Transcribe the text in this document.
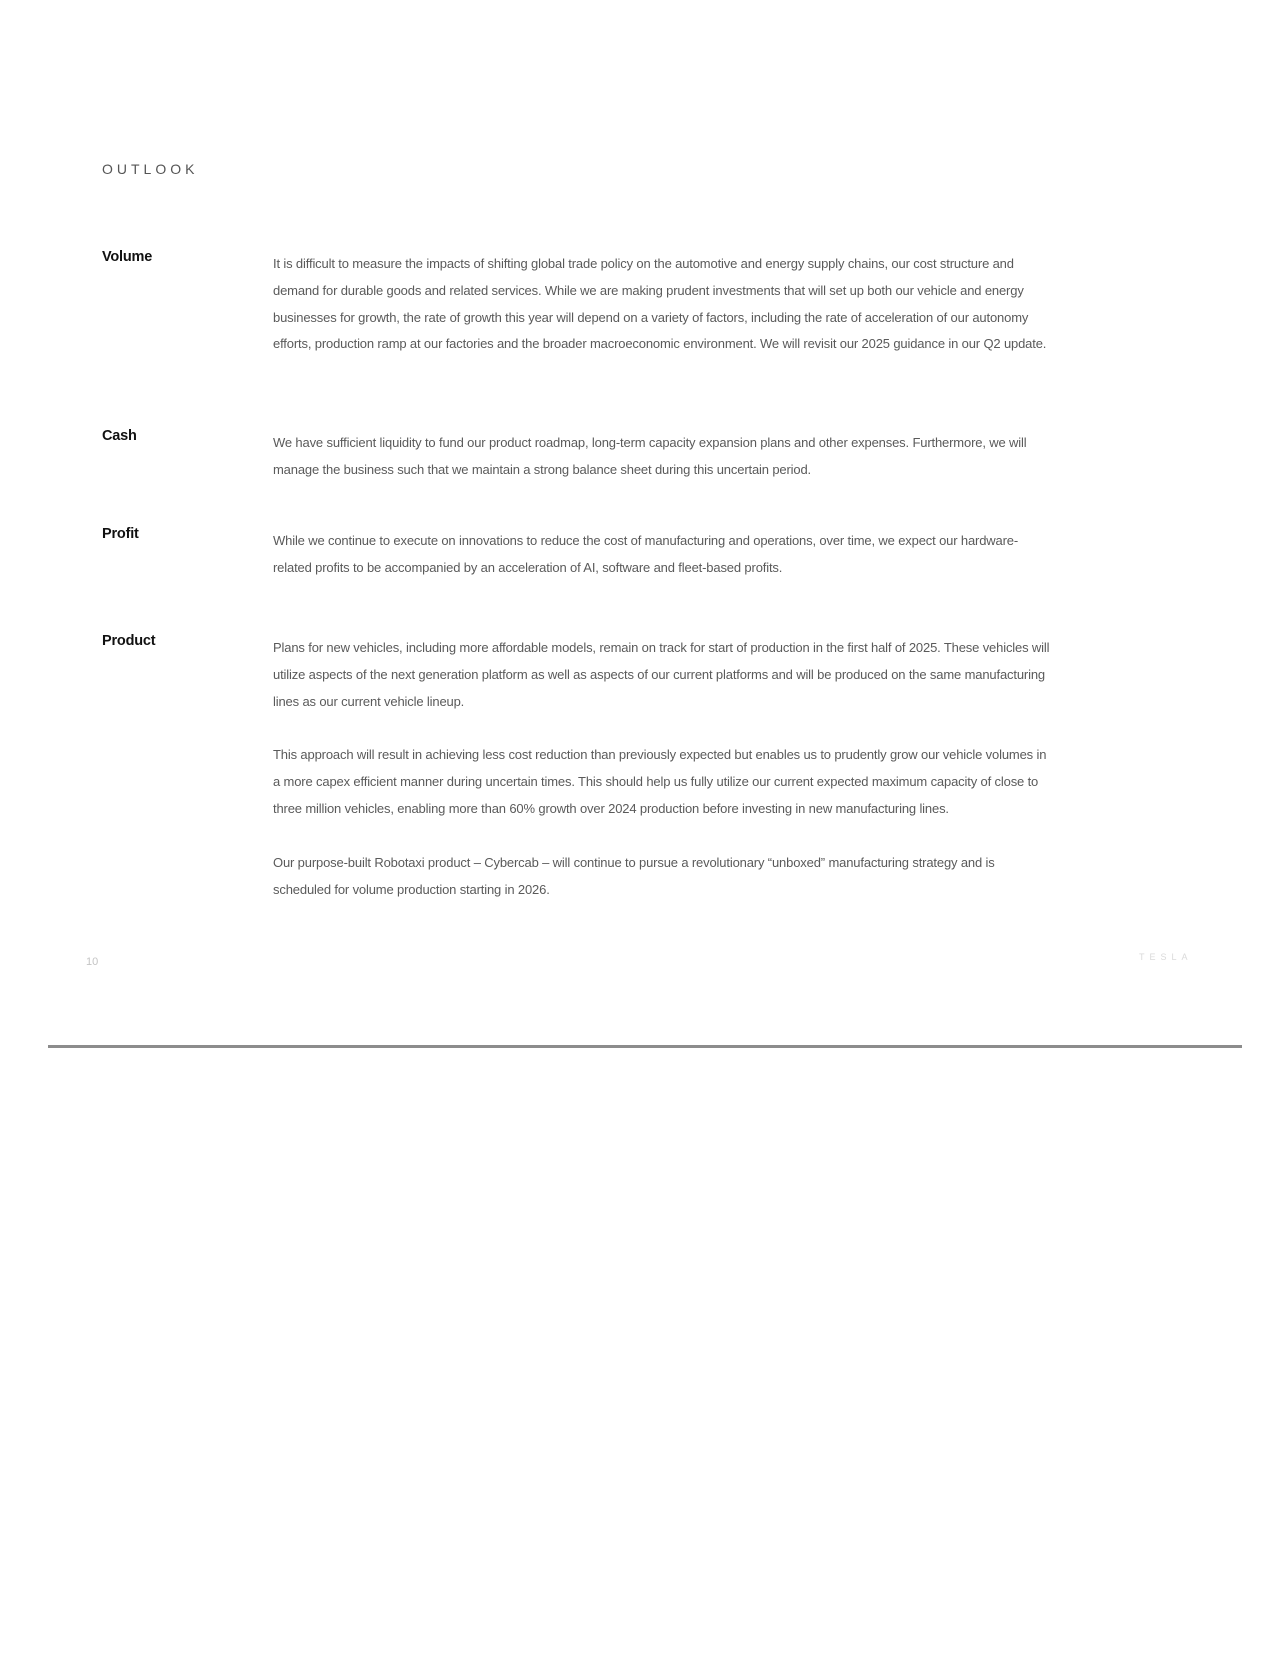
OUTLOOK
Volume	It is difficult to measure the impacts of shifting global trade policy on the automotive and energy supply chains, our cost structure and demand for durable goods and related services. While we are making prudent investments that will set up both our vehicle and energy businesses for growth, the rate of growth this year will depend on a variety of factors, including the rate of acceleration of our autonomy efforts, production ramp at our factories and the broader macroeconomic environment. We will revisit our 2025 guidance in our Q2 update.

Cash	We have sufficient liquidity to fund our product roadmap, long-term capacity expansion plans and other expenses. Furthermore, we will manage the business such that we maintain a strong balance sheet during this uncertain period.

Profit	While we continue to execute on innovations to reduce the cost of manufacturing and operations, over time, we expect our hardware-related profits to be accompanied by an acceleration of AI, software and fleet-based profits.

Product	Plans for new vehicles, including more affordable models, remain on track for start of production in the first half of 2025. These vehicles will utilize aspects of the next generation platform as well as aspects of our current platforms and will be produced on the same manufacturing lines as our current vehicle lineup.

This approach will result in achieving less cost reduction than previously expected but enables us to prudently grow our vehicle volumes in a more capex efficient manner during uncertain times. This should help us fully utilize our current expected maximum capacity of close to three million vehicles, enabling more than 60% growth over 2024 production before investing in new manufacturing lines.

Our purpose-built Robotaxi product – Cybercab – will continue to pursue a revolutionary “unboxed” manufacturing strategy and is scheduled for volume production starting in 2026.

10	TESLA
